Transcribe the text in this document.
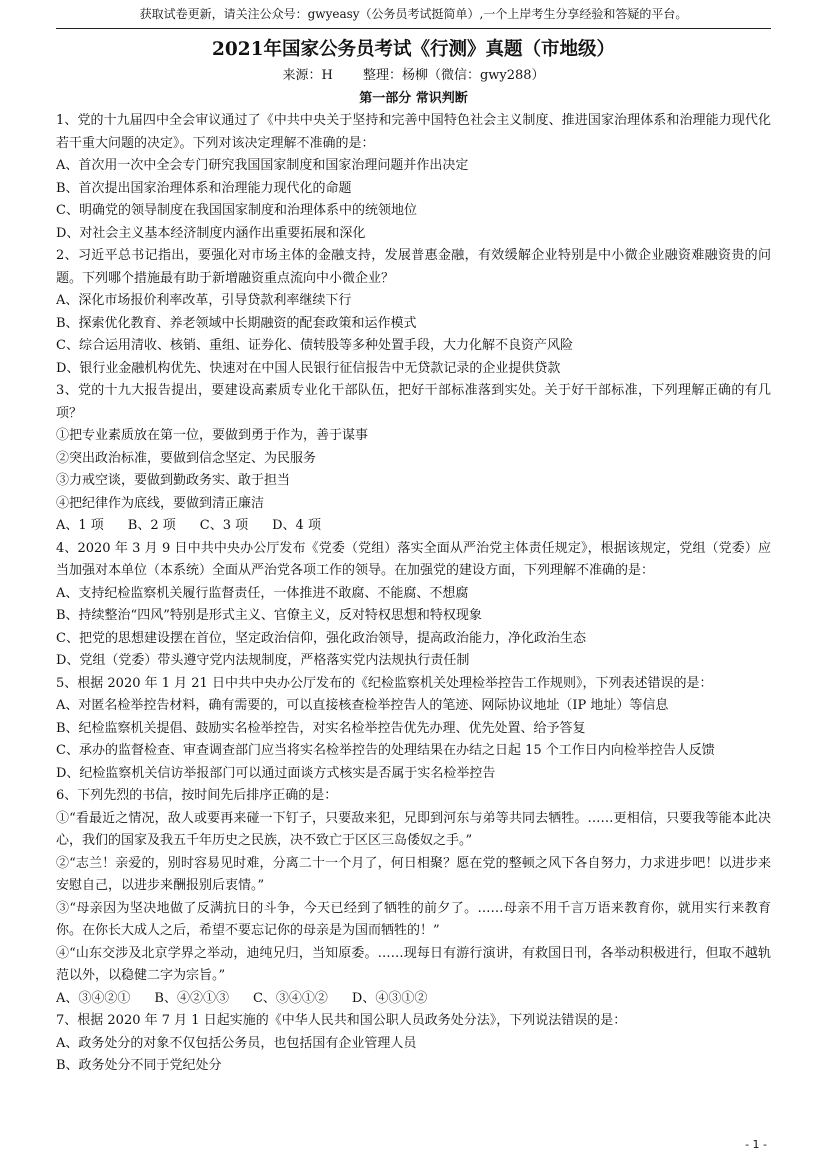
获取试卷更新，请关注公众号：gwyeasy（公务员考试挺简单）,一个上岸考生分享经验和答疑的平台。
2021年国家公务员考试《行测》真题（市地级）

来源：H 整理：杨柳（微信：gwy288）

第一部分 常识判断

1、党的十九届四中全会审议通过了《中共中央关于坚持和完善中国特色社会主义制度、推进国家治理体系和治理能力现代化若干重大问题的决定》。下列对该决定理解不准确的是：

A、首次用一次中全会专门研究我国国家制度和国家治理问题并作出决定

B、首次提出国家治理体系和治理能力现代化的命题

C、明确党的领导制度在我国国家制度和治理体系中的统领地位

D、对社会主义基本经济制度内涵作出重要拓展和深化

2、习近平总书记指出，要强化对市场主体的金融支持，发展普惠金融，有效缓解企业特别是中小微企业融资难融资贵的问题。下列哪个措施最有助于新增融资重点流向中小微企业？

A、深化市场报价利率改革，引导贷款利率继续下行

B、探索优化教育、养老领域中长期融资的配套政策和运作模式

C、综合运用清收、核销、重组、证券化、债转股等多种处置手段，大力化解不良资产风险

D、银行业金融机构优先、快速对在中国人民银行征信报告中无贷款记录的企业提供贷款

3、党的十九大报告提出，要建设高素质专业化干部队伍，把好干部标准落到实处。关于好干部标准，下列理解正确的有几项？

①把专业素质放在第一位，要做到勇于作为，善于谋事

②突出政治标准，要做到信念坚定、为民服务

③力戒空谈，要做到勤政务实、敢于担当

④把纪律作为底线，要做到清正廉洁

A、1 项 B、2 项 C、3 项 D、4 项

4、2020 年 3 月 9 日中共中央办公厅发布《党委（党组）落实全面从严治党主体责任规定》，根据该规定，党组（党委）应当加强对本单位（本系统）全面从严治党各项工作的领导。在加强党的建设方面，下列理解不准确的是：

A、支持纪检监察机关履行监督责任，一体推进不敢腐、不能腐、不想腐

B、持续整治“四风”特别是形式主义、官僚主义，反对特权思想和特权现象

C、把党的思想建设摆在首位，坚定政治信仰，强化政治领导，提高政治能力，净化政治生态

D、党组（党委）带头遵守党内法规制度，严格落实党内法规执行责任制

5、根据 2020 年 1 月 21 日中共中央办公厅发布的《纪检监察机关处理检举控告工作规则》，下列表述错误的是：

A、对匿名检举控告材料，确有需要的，可以直接核查检举控告人的笔迹、网际协议地址（IP 地址）等信息

B、纪检监察机关提倡、鼓励实名检举控告，对实名检举控告优先办理、优先处置、给予答复

C、承办的监督检查、审查调查部门应当将实名检举控告的处理结果在办结之日起 15 个工作日内向检举控告人反馈

D、纪检监察机关信访举报部门可以通过面谈方式核实是否属于实名检举控告

6、下列先烈的书信，按时间先后排序正确的是：

①“看最近之情况，敌人或要再来碰一下钉子，只要敌来犯，兄即到河东与弟等共同去牺牲。……更相信，只要我等能本此决心，我们的国家及我五千年历史之民族，决不致亡于区区三岛倭奴之手。”

②“志兰！亲爱的，别时容易见时难，分离二十一个月了，何日相聚？愿在党的整顿之风下各自努力，力求进步吧！以进步来安慰自己，以进步来酬报别后衷情。”

③“母亲因为坚决地做了反满抗日的斗争，今天已经到了牺牲的前夕了。……母亲不用千言万语来教育你，就用实行来教育你。在你长大成人之后，希望不要忘记你的母亲是为国而牺牲的！”

④“山东交涉及北京学界之举动，迪纯兄归，当知原委。……现每日有游行演讲，有救国日刊，各举动积极进行，但取不越轨范以外，以稳健二字为宗旨。”

A、③④②① B、④②①③ C、③④①② D、④③①②

7、根据 2020 年 7 月 1 日起实施的《中华人民共和国公职人员政务处分法》，下列说法错误的是：

A、政务处分的对象不仅包括公务员，也包括国有企业管理人员

B、政务处分不同于党纪处分

- 1 -
